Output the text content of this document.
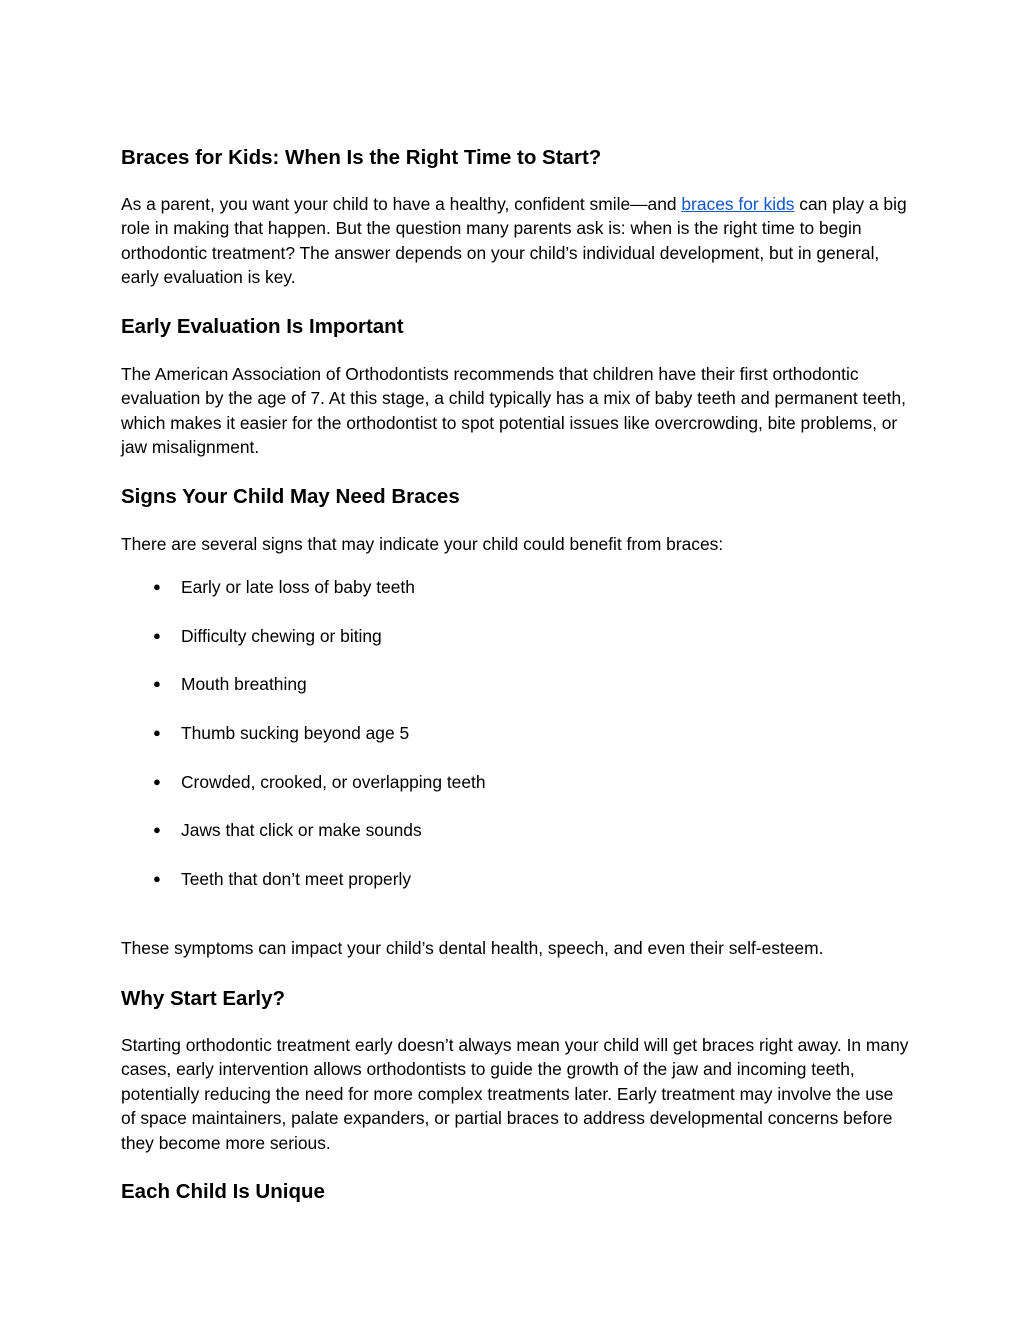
Braces for Kids: When Is the Right Time to Start?

As a parent, you want your child to have a healthy, confident smile—and braces for kids can play a big role in making that happen. But the question many parents ask is: when is the right time to begin orthodontic treatment? The answer depends on your child’s individual development, but in general, early evaluation is key.

Early Evaluation Is Important

The American Association of Orthodontists recommends that children have their first orthodontic evaluation by the age of 7. At this stage, a child typically has a mix of baby teeth and permanent teeth, which makes it easier for the orthodontist to spot potential issues like overcrowding, bite problems, or jaw misalignment.

Signs Your Child May Need Braces

There are several signs that may indicate your child could benefit from braces:

● Early or late loss of baby teeth
● Difficulty chewing or biting
● Mouth breathing
● Thumb sucking beyond age 5
● Crowded, crooked, or overlapping teeth
● Jaws that click or make sounds
● Teeth that don’t meet properly

These symptoms can impact your child’s dental health, speech, and even their self-esteem.

Why Start Early?

Starting orthodontic treatment early doesn’t always mean your child will get braces right away. In many cases, early intervention allows orthodontists to guide the growth of the jaw and incoming teeth, potentially reducing the need for more complex treatments later. Early treatment may involve the use of space maintainers, palate expanders, or partial braces to address developmental concerns before they become more serious.

Each Child Is Unique
